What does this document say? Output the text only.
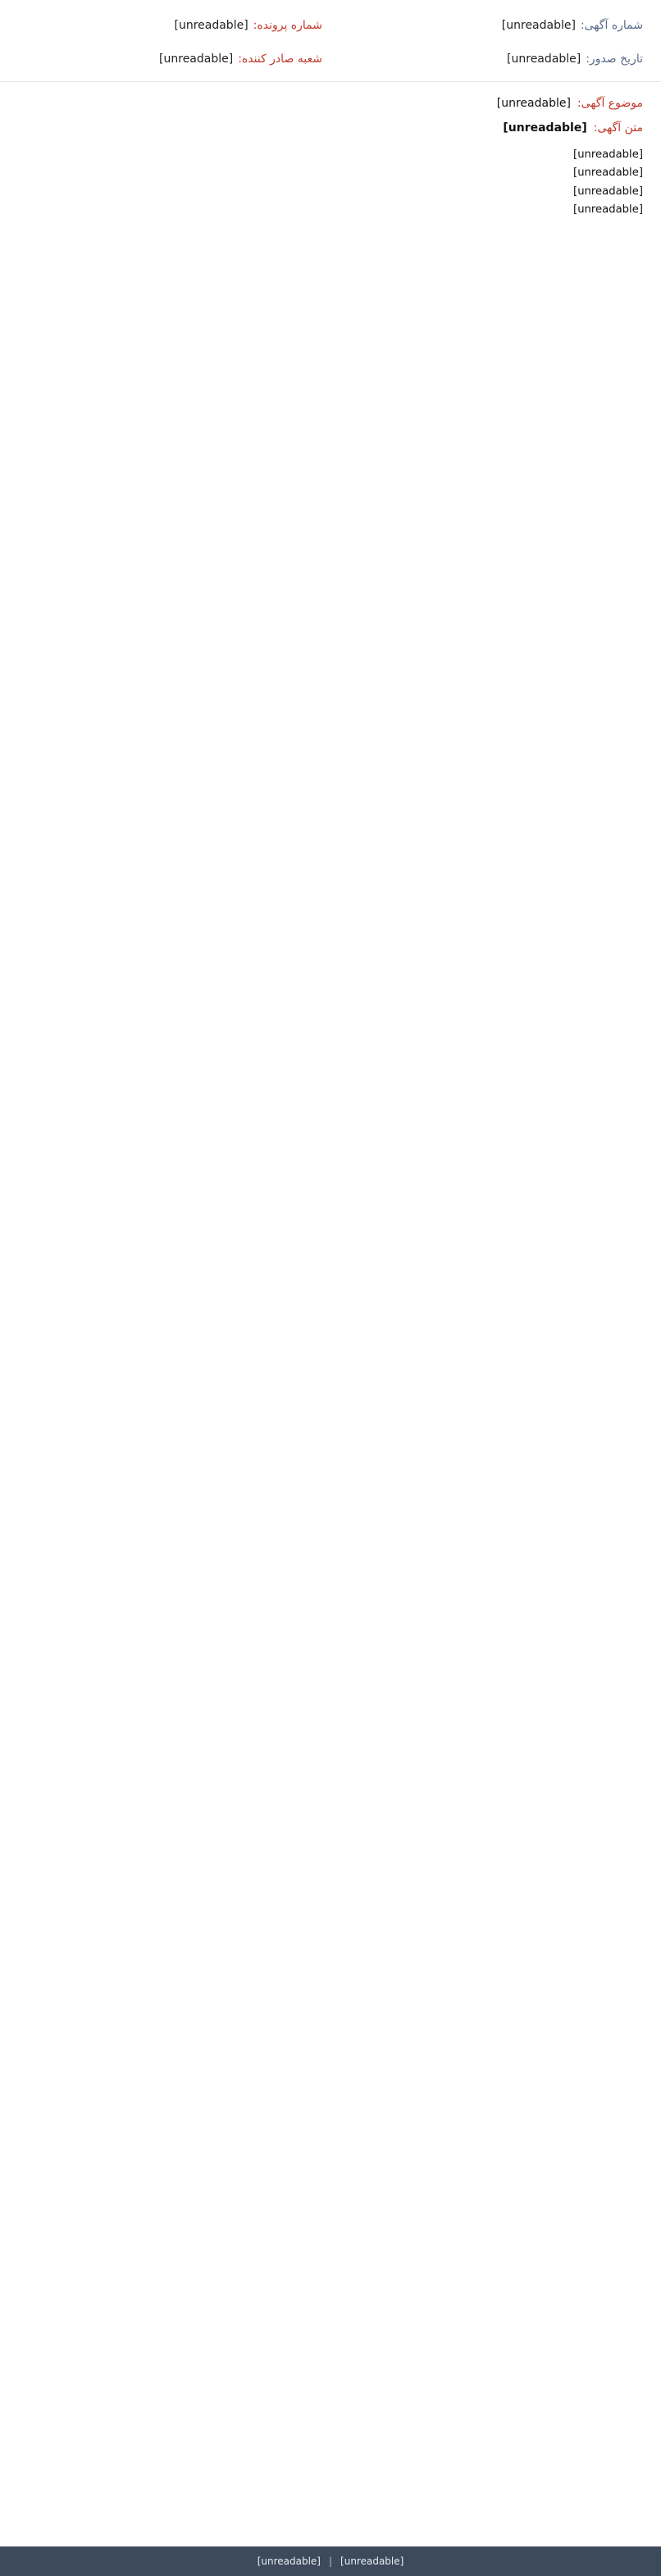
شماره آگهی:
[unreadable]
شماره پرونده:
[unreadable]
تاریخ صدور:
[unreadable]
شعبه صادر کننده:
[unreadable]
موضوع آگهی:
[unreadable]
متن آگهی:
[unreadable]

[unreadable]

[unreadable]

[unreadable]

[unreadable]

[unreadable]
|
[unreadable]
